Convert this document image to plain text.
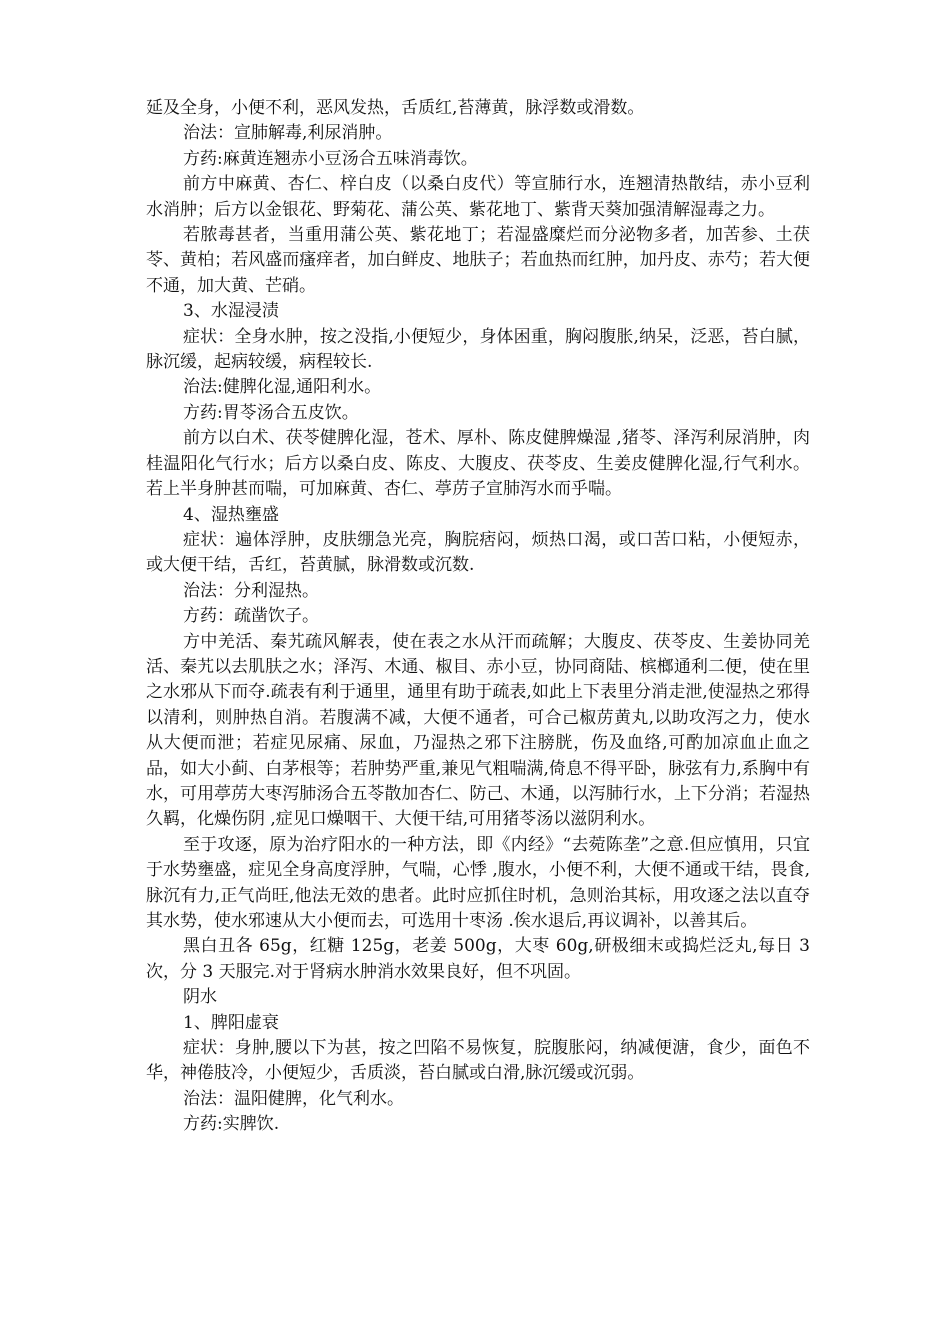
延及全身，小便不利，恶风发热，舌质红,苔薄黄，脉浮数或滑数。

治法：宣肺解毒,利尿消肿。

方药:麻黄连翘赤小豆汤合五味消毒饮。

前方中麻黄、杏仁、梓白皮（以桑白皮代）等宣肺行水，连翘清热散结，赤小豆利水消肿；后方以金银花、野菊花、蒲公英、紫花地丁、紫背天葵加强清解湿毒之力。

若脓毒甚者，当重用蒲公英、紫花地丁；若湿盛糜烂而分泌物多者，加苦参、土茯苓、黄柏；若风盛而瘙痒者，加白鲜皮、地肤子；若血热而红肿，加丹皮、赤芍；若大便不通，加大黄、芒硝。

3、水湿浸渍

症状：全身水肿，按之没指,小便短少，身体困重，胸闷腹胀,纳呆，泛恶，苔白腻，脉沉缓，起病较缓，病程较长.

治法:健脾化湿,通阳利水。

方药:胃苓汤合五皮饮。

前方以白术、茯苓健脾化湿，苍术、厚朴、陈皮健脾燥湿 ,猪苓、泽泻利尿消肿，肉桂温阳化气行水；后方以桑白皮、陈皮、大腹皮、茯苓皮、生姜皮健脾化湿,行气利水。若上半身肿甚而喘，可加麻黄、杏仁、葶苈子宣肺泻水而乎喘。

4、湿热壅盛

症状：遍体浮肿，皮肤绷急光亮，胸脘痞闷，烦热口渴，或口苦口粘，小便短赤，或大便干结，舌红，苔黄腻，脉滑数或沉数.

治法：分利湿热。

方药：疏凿饮子。

方中羌活、秦艽疏风解表，使在表之水从汗而疏解；大腹皮、茯苓皮、生姜协同羌活、秦艽以去肌肤之水；泽泻、木通、椒目、赤小豆，协同商陆、槟榔通利二便，使在里之水邪从下而夺.疏表有利于通里，通里有助于疏表,如此上下表里分消走泄,使湿热之邪得以清利，则肿热自消。若腹满不减，大便不通者，可合己椒苈黄丸,以助攻泻之力，使水从大便而泄；若症见尿痛、尿血，乃湿热之邪下注膀胱，伤及血络,可酌加凉血止血之品，如大小蓟、白茅根等；若肿势严重,兼见气粗喘满,倚息不得平卧，脉弦有力,系胸中有水，可用葶苈大枣泻肺汤合五苓散加杏仁、防己、木通，以泻肺行水，上下分消；若湿热久羁，化燥伤阴 ,症见口燥咽干、大便干结,可用猪苓汤以滋阴利水。

至于攻逐，原为治疗阳水的一种方法，即《内经》“去菀陈垄”之意.但应慎用，只宜于水势壅盛，症见全身高度浮肿，气喘，心悸 ,腹水，小便不利，大便不通或干结，畏食,脉沉有力,正气尚旺,他法无效的患者。此时应抓住时机，急则治其标，用攻逐之法以直夺其水势，使水邪速从大小便而去，可选用十枣汤 .俟水退后,再议调补，以善其后。

黑白丑各 65g，红糖 125g，老姜 500g，大枣 60g,研极细末或捣烂泛丸,每日 3 次，分 3 天服完.对于肾病水肿消水效果良好，但不巩固。

阴水

1、脾阳虚衰

症状：身肿,腰以下为甚，按之凹陷不易恢复，脘腹胀闷，纳减便溏，食少，面色不华，神倦肢冷，小便短少，舌质淡，苔白腻或白滑,脉沉缓或沉弱。

治法：温阳健脾，化气利水。

方药:实脾饮.
